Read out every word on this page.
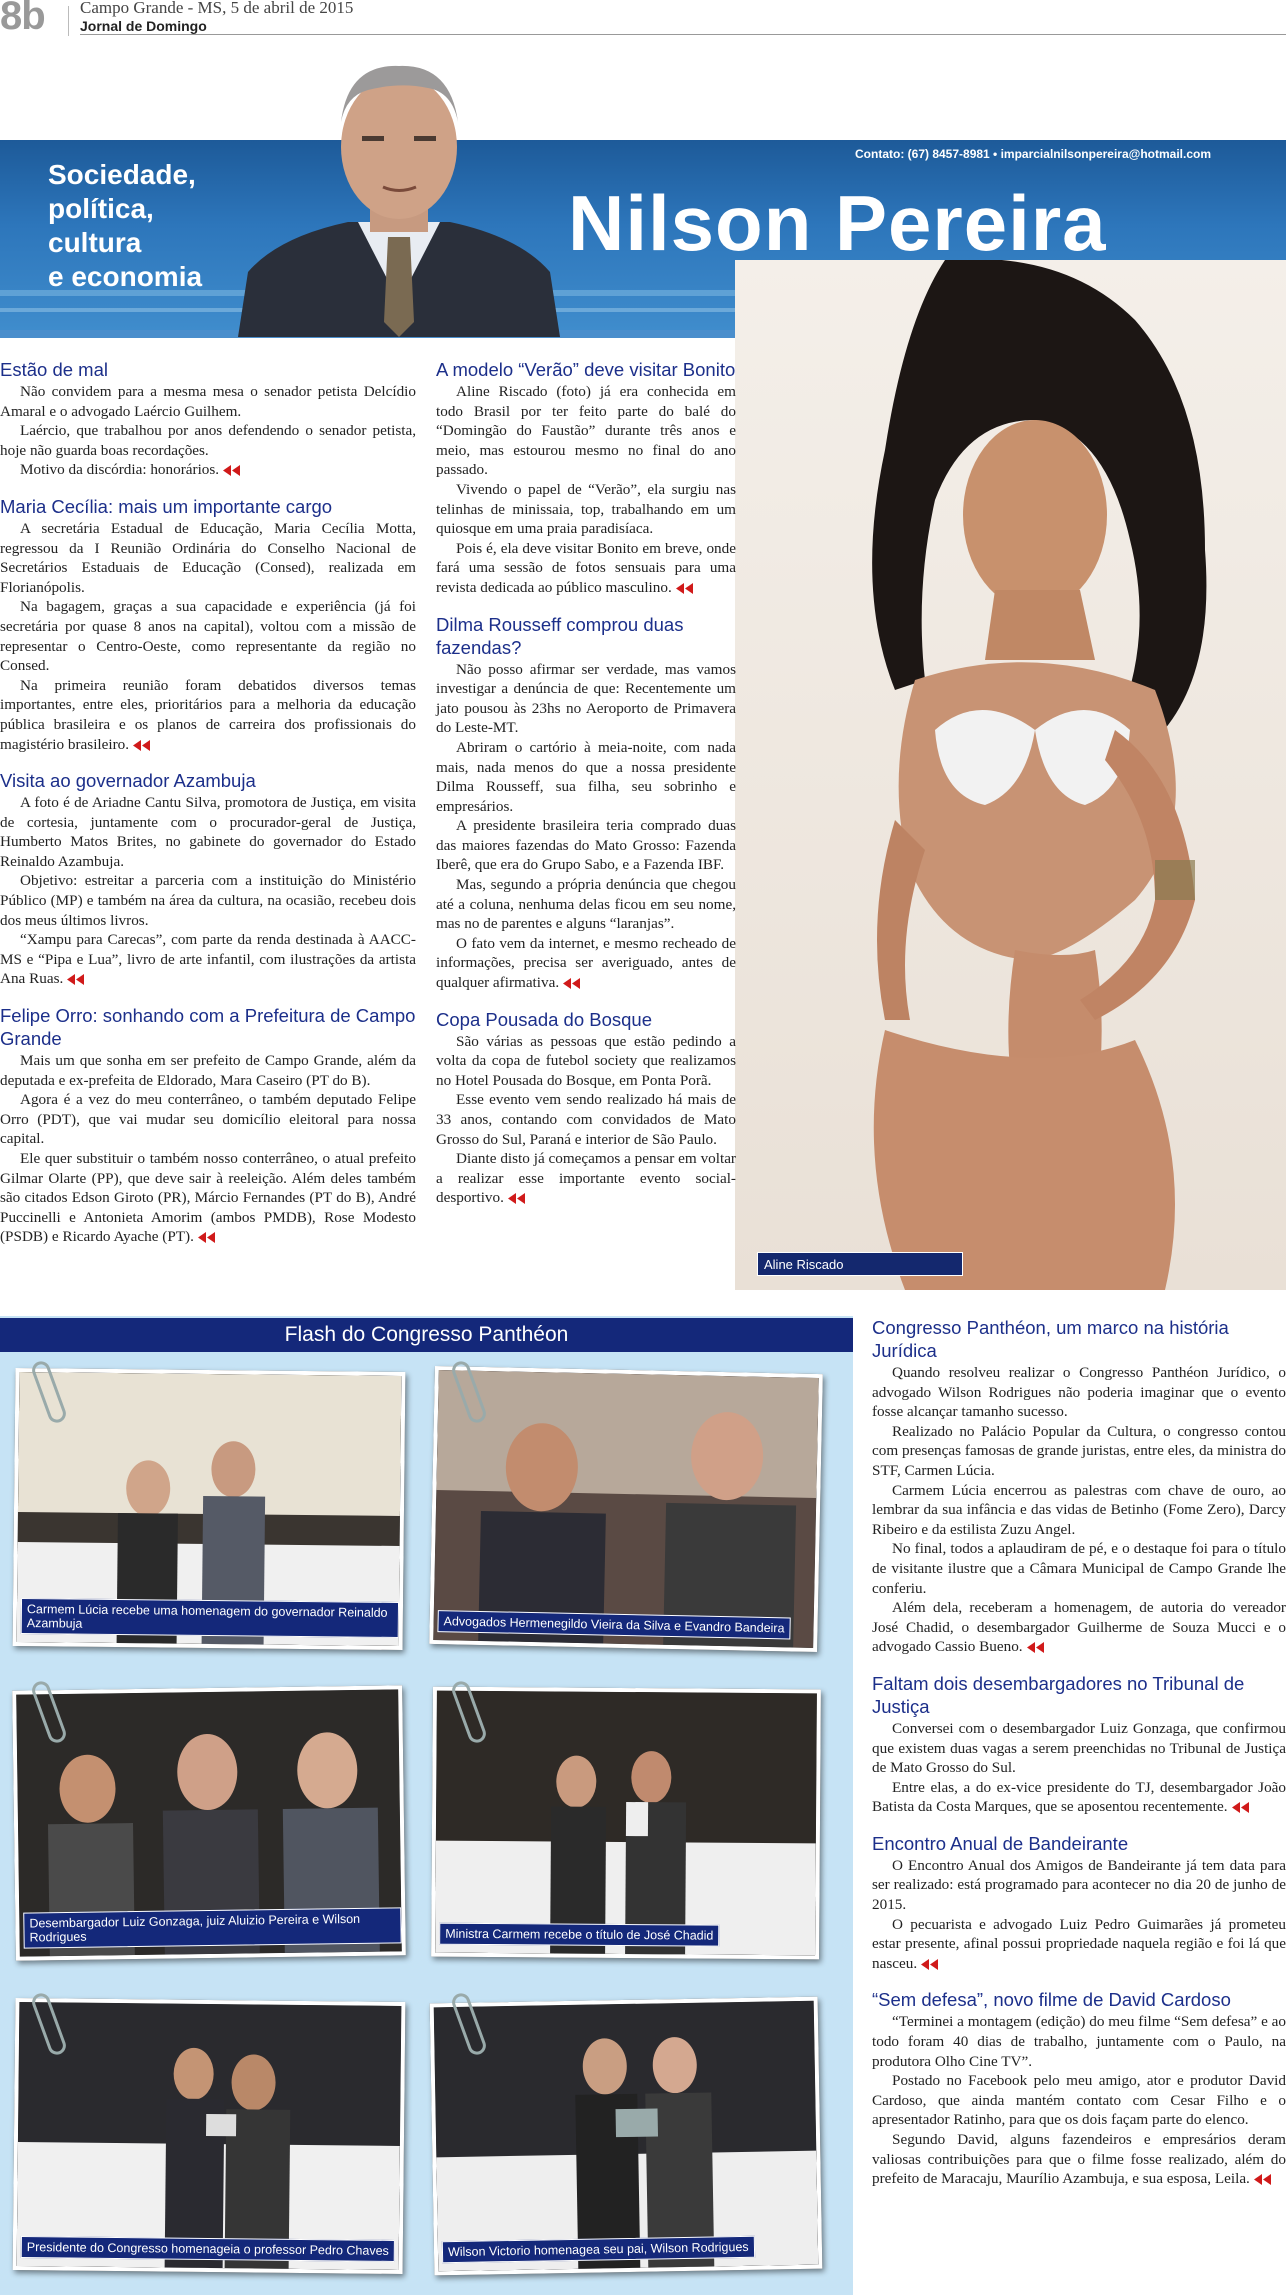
8b Campo Grande - MS, 5 de abril de 2015
Jornal de Domingo
Sociedade,
política,
cultura
e economia
Contato: (67) 8457-8981 • imparcialnilsonpereira@hotmail.com
Aline Riscado
Nilson Pereira
Estão de mal

Não convidem para a mesma mesa o senador petista Delcídio Amaral e o advogado Laércio Guilhem.

Laércio, que trabalhou por anos defendendo o senador petista, hoje não guarda boas recordações.

Motivo da discórdia: honorários.

Maria Cecília: mais um importante cargo

A secretária Estadual de Educação, Maria Cecília Motta, regressou da I Reunião Ordinária do Conselho Nacional de Secretários Estaduais de Educação (Consed), realizada em Florianópolis.

Na bagagem, graças a sua capacidade e experiência (já foi secretária por quase 8 anos na capital), voltou com a missão de representar o Centro-Oeste, como representante da região no Consed.

Na primeira reunião foram debatidos diversos temas importantes, entre eles, prioritários para a melhoria da educação pública brasileira e os planos de carreira dos profissionais do magistério brasileiro.

Visita ao governador Azambuja

A foto é de Ariadne Cantu Silva, promotora de Justiça, em visita de cortesia, juntamente com o procurador-geral de Justiça, Humberto Matos Brites, no gabinete do governador do Estado Reinaldo Azambuja.

Objetivo: estreitar a parceria com a instituição do Ministério Público (MP) e também na área da cultura, na ocasião, recebeu dois dos meus últimos livros.

“Xampu para Carecas”, com parte da renda destinada à AACC-MS e “Pipa e Lua”, livro de arte infantil, com ilustrações da artista Ana Ruas.

Felipe Orro: sonhando com a Prefeitura de Campo Grande

Mais um que sonha em ser prefeito de Campo Grande, além da deputada e ex-prefeita de Eldorado, Mara Caseiro (PT do B).

Agora é a vez do meu conterrâneo, o também deputado Felipe Orro (PDT), que vai mudar seu domicílio eleitoral para nossa capital.

Ele quer substituir o também nosso conterrâneo, o atual prefeito Gilmar Olarte (PP), que deve sair à reeleição. Além deles também são citados Edson Giroto (PR), Márcio Fernandes (PT do B), André Puccinelli e Antonieta Amorim (ambos PMDB), Rose Modesto (PSDB) e Ricardo Ayache (PT).

A modelo “Verão” deve visitar Bonito

Aline Riscado (foto) já era conhecida em todo Brasil por ter feito parte do balé do “Domingão do Faustão” durante três anos e meio, mas estourou mesmo no final do ano passado.

Vivendo o papel de “Verão”, ela surgiu nas telinhas de minissaia, top, trabalhando em um quiosque em uma praia paradisíaca.

Pois é, ela deve visitar Bonito em breve, onde fará uma sessão de fotos sensuais para uma revista dedicada ao público masculino.

Dilma Rousseff comprou duas fazendas?

Não posso afirmar ser verdade, mas vamos investigar a denúncia de que: Recentemente um jato pousou às 23hs no Aeroporto de Primavera do Leste-MT.

Abriram o cartório à meia-noite, com nada mais, nada menos do que a nossa presidente Dilma Rousseff, sua filha, seu sobrinho e empresários.

A presidente brasileira teria comprado duas das maiores fazendas do Mato Grosso: Fazenda Iberê, que era do Grupo Sabo, e a Fazenda IBF.

Mas, segundo a própria denúncia que chegou até a coluna, nenhuma delas ficou em seu nome, mas no de parentes e alguns “laranjas”.

O fato vem da internet, e mesmo recheado de informações, precisa ser averiguado, antes de qualquer afirmativa.

Copa Pousada do Bosque

São várias as pessoas que estão pedindo a volta da copa de futebol society que realizamos no Hotel Pousada do Bosque, em Ponta Porã.

Esse evento vem sendo realizado há mais de 33 anos, contando com convidados de Mato Grosso do Sul, Paraná e interior de São Paulo.

Diante disto já começamos a pensar em voltar a realizar esse importante evento social-desportivo.

Flash do Congresso Panthéon
Carmem Lúcia recebe uma homenagem do governador Reinaldo Azambuja	Advogados Hermenegildo Vieira da Silva e Evandro Bandeira
Desembargador Luiz Gonzaga, juiz Aluizio Pereira e Wilson Rodrigues	Ministra Carmem recebe o título de José Chadid
Presidente do Congresso homenageia o professor Pedro Chaves	Wilson Victorio homenagea seu pai, Wilson Rodrigues
Congresso Panthéon, um marco na história Jurídica

Quando resolveu realizar o Congresso Panthéon Jurídico, o advogado Wilson Rodrigues não poderia imaginar que o evento fosse alcançar tamanho sucesso.

Realizado no Palácio Popular da Cultura, o congresso contou com presenças famosas de grande juristas, entre eles, da ministra do STF, Carmen Lúcia.

Carmem Lúcia encerrou as palestras com chave de ouro, ao lembrar da sua infância e das vidas de Betinho (Fome Zero), Darcy Ribeiro e da estilista Zuzu Angel.

No final, todos a aplaudiram de pé, e o destaque foi para o título de visitante ilustre que a Câmara Municipal de Campo Grande lhe conferiu.

Além dela, receberam a homenagem, de autoria do vereador José Chadid, o desembargador Guilherme de Souza Mucci e o advogado Cassio Bueno.

Faltam dois desembargadores no Tribunal de Justiça

Conversei com o desembargador Luiz Gonzaga, que confirmou que existem duas vagas a serem preenchidas no Tribunal de Justiça de Mato Grosso do Sul.

Entre elas, a do ex-vice presidente do TJ, desembargador João Batista da Costa Marques, que se aposentou recentemente.

Encontro Anual de Bandeirante

O Encontro Anual dos Amigos de Bandeirante já tem data para ser realizado: está programado para acontecer no dia 20 de junho de 2015.

O pecuarista e advogado Luiz Pedro Guimarães já prometeu estar presente, afinal possui propriedade naquela região e foi lá que nasceu.

“Sem defesa”, novo filme de David Cardoso

“Terminei a montagem (edição) do meu filme “Sem defesa” e ao todo foram 40 dias de trabalho, juntamente com o Paulo, na produtora Olho Cine TV”.

Postado no Facebook pelo meu amigo, ator e produtor David Cardoso, que ainda mantém contato com Cesar Filho e o apresentador Ratinho, para que os dois façam parte do elenco.

Segundo David, alguns fazendeiros e empresários deram valiosas contribuições para que o filme fosse realizado, além do prefeito de Maracaju, Maurílio Azambuja, e sua esposa, Leila.
